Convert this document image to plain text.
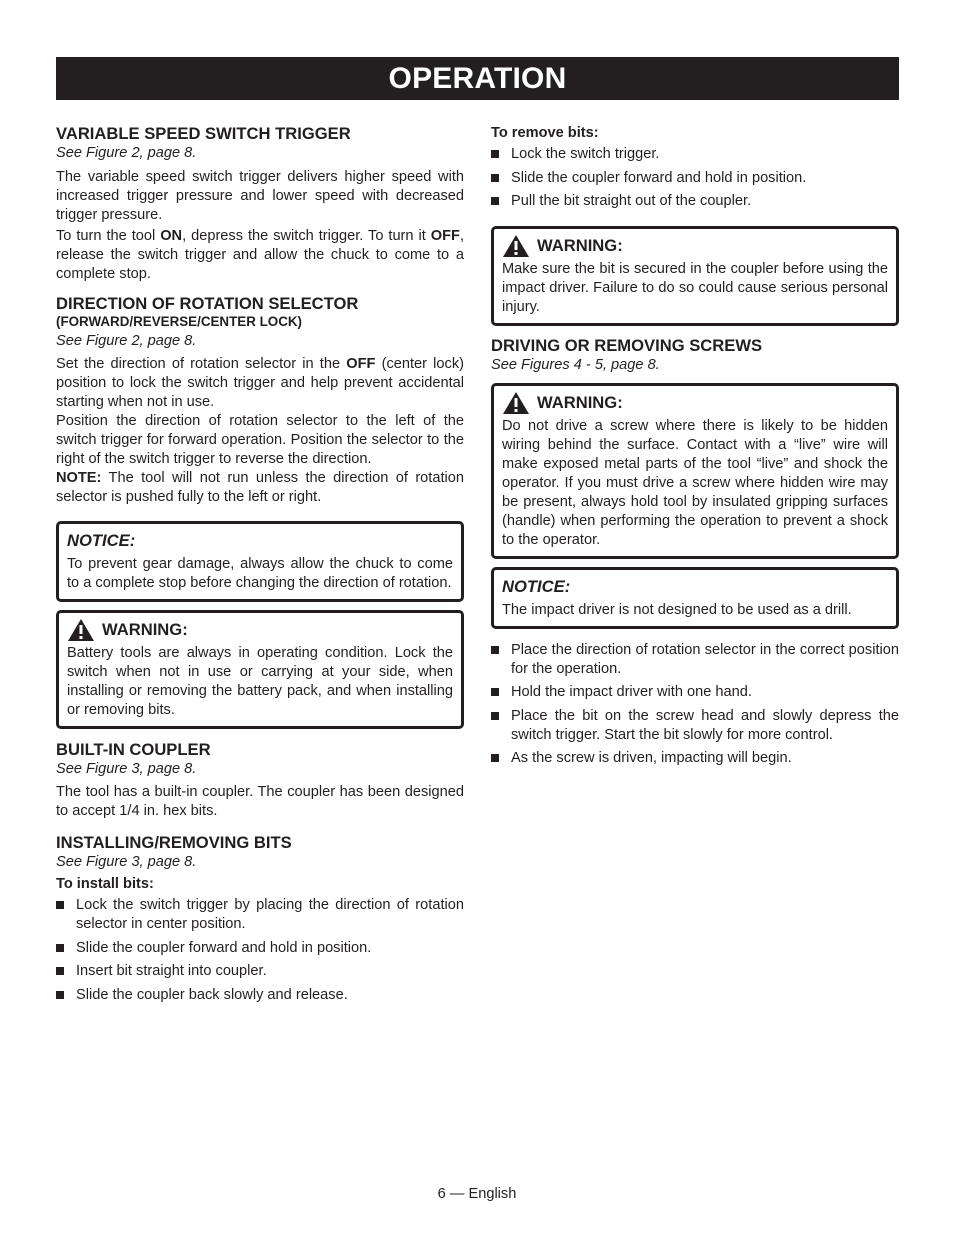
OPERATION
VARIABLE SPEED SWITCH TRIGGER
See Figure 2, page 8.

The variable speed switch trigger delivers higher speed with increased trigger pressure and lower speed with decreased trigger pressure.

To turn the tool ON, depress the switch trigger. To turn it OFF, release the switch trigger and allow the chuck to come to a complete stop.

DIRECTION OF ROTATION SELECTOR
(FORWARD/REVERSE/CENTER LOCK)
See Figure 2, page 8.

Set the direction of rotation selector in the OFF (center lock) position to lock the switch trigger and help prevent accidental starting when not in use.

Position the direction of rotation selector to the left of the switch trigger for forward operation. Position the selector to the right of the switch trigger to reverse the direction.

NOTE: The tool will not run unless the direction of rotation selector is pushed fully to the left or right.

NOTICE:

To prevent gear damage, always allow the chuck to come to a complete stop before changing the direction of rotation.

WARNING:

Battery tools are always in operating condition. Lock the switch when not in use or carrying at your side, when installing or removing the battery pack, and when installing or removing bits.

BUILT-IN COUPLER
See Figure 3, page 8.

The tool has a built-in coupler. The coupler has been designed to accept 1/4 in. hex bits.

INSTALLING/REMOVING BITS
See Figure 3, page 8.
To install bits:
Lock the switch trigger by placing the direction of rotation selector in center position.
Slide the coupler forward and hold in position.
Insert bit straight into coupler.
Slide the coupler back slowly and release.
To remove bits:
Lock the switch trigger.
Slide the coupler forward and hold in position.
Pull the bit straight out of the coupler.
WARNING:

Make sure the bit is secured in the coupler before using the impact driver. Failure to do so could cause serious personal injury.

DRIVING OR REMOVING SCREWS
See Figures 4 - 5, page 8.
WARNING:

Do not drive a screw where there is likely to be hidden wiring behind the surface. Contact with a “live” wire will make exposed metal parts of the tool “live” and shock the operator. If you must drive a screw where hidden wire may be present, always hold tool by insulated gripping surfaces (handle) when performing the operation to prevent a shock to the operator.

NOTICE:

The impact driver is not designed to be used as a drill.

Place the direction of rotation selector in the correct position for the operation.
Hold the impact driver with one hand.
Place the bit on the screw head and slowly depress the switch trigger. Start the bit slowly for more control.
As the screw is driven, impacting will begin.
6 — English
